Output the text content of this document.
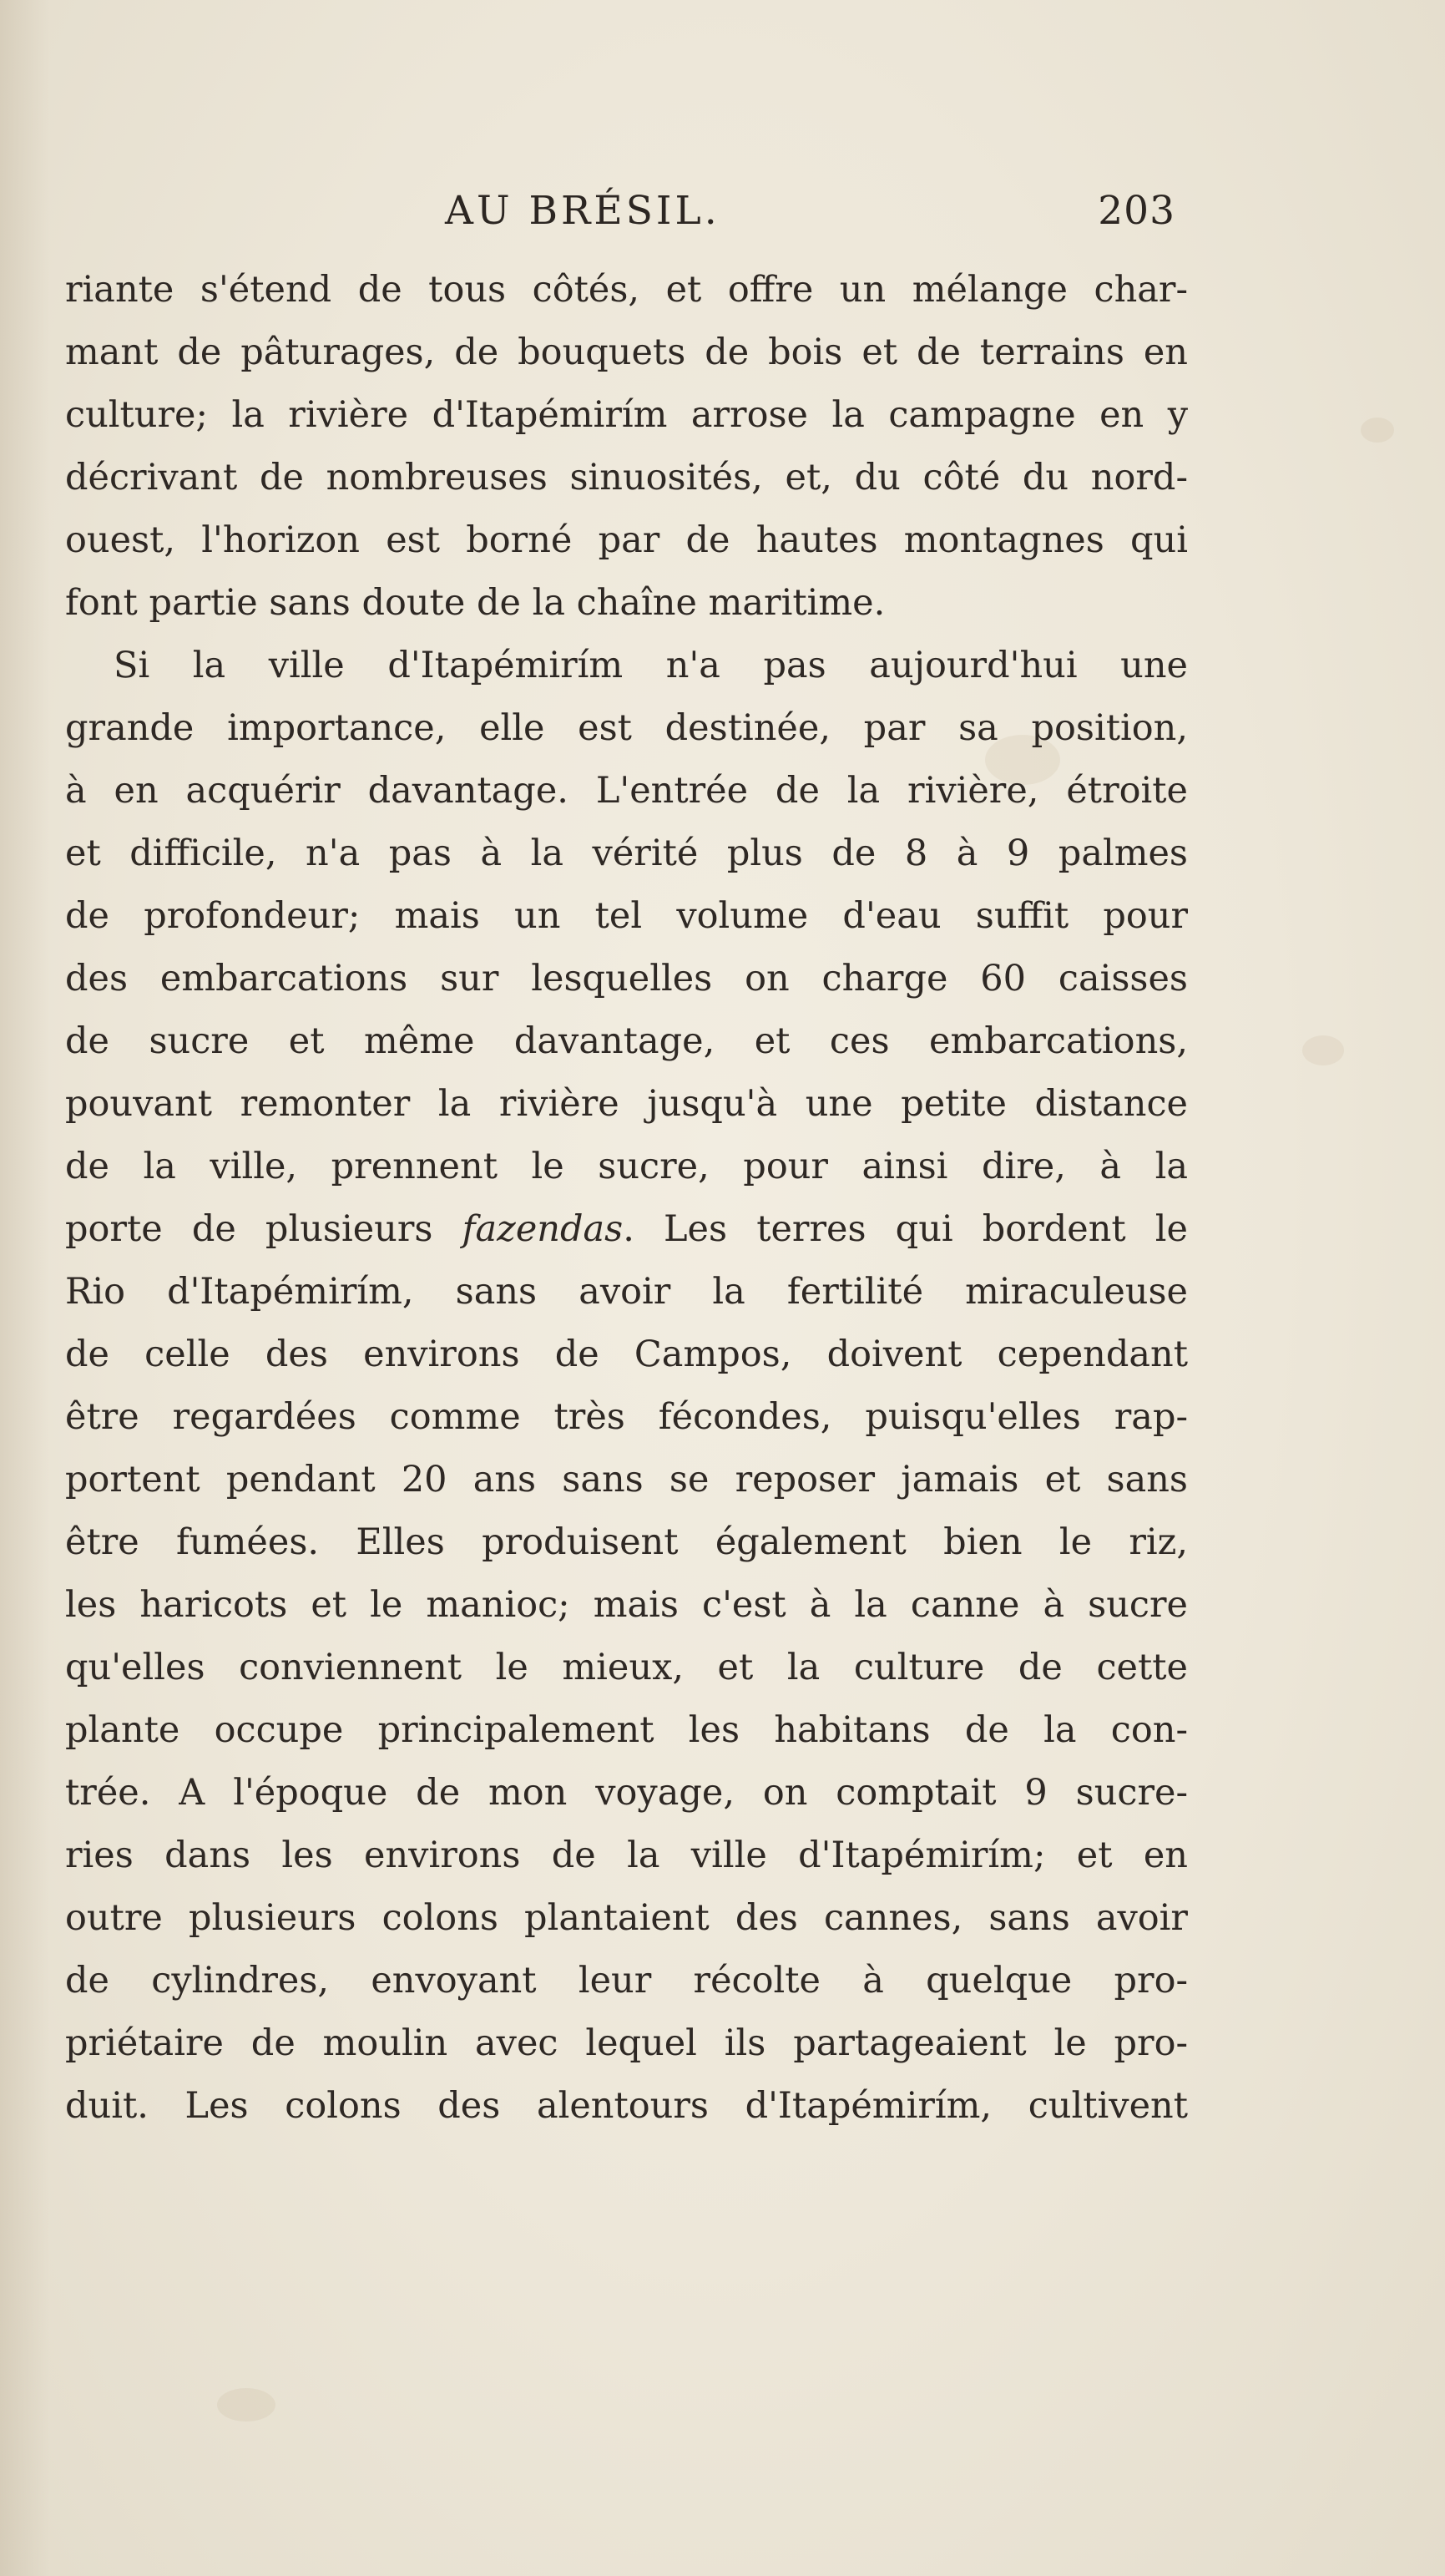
AU BRÉSIL.	203
riante s'étend de tous côtés, et offre un mélange char-
mant de pâturages, de bouquets de bois et de terrains en
culture; la rivière d'Itapémirím arrose la campagne en y
décrivant de nombreuses sinuosités, et, du côté du nord-
ouest, l'horizon est borné par de hautes montagnes qui
font partie sans doute de la chaîne maritime.
Si la ville d'Itapémirím n'a pas aujourd'hui une
grande importance, elle est destinée, par sa position,
à en acquérir davantage. L'entrée de la rivière, étroite
et difficile, n'a pas à la vérité plus de 8 à 9 palmes
de profondeur; mais un tel volume d'eau suffit pour
des embarcations sur lesquelles on charge 60 caisses
de sucre et même davantage, et ces embarcations,
pouvant remonter la rivière jusqu'à une petite distance
de la ville, prennent le sucre, pour ainsi dire, à la
porte de plusieurs fazendas. Les terres qui bordent le
Rio d'Itapémirím, sans avoir la fertilité miraculeuse
de celle des environs de Campos, doivent cependant
être regardées comme très fécondes, puisqu'elles rap-
portent pendant 20 ans sans se reposer jamais et sans
être fumées. Elles produisent également bien le riz,
les haricots et le manioc; mais c'est à la canne à sucre
qu'elles conviennent le mieux, et la culture de cette
plante occupe principalement les habitans de la con-
trée. A l'époque de mon voyage, on comptait 9 sucre-
ries dans les environs de la ville d'Itapémirím; et en
outre plusieurs colons plantaient des cannes, sans avoir
de cylindres, envoyant leur récolte à quelque pro-
priétaire de moulin avec lequel ils partageaient le pro-
duit. Les colons des alentours d'Itapémirím, cultivent
